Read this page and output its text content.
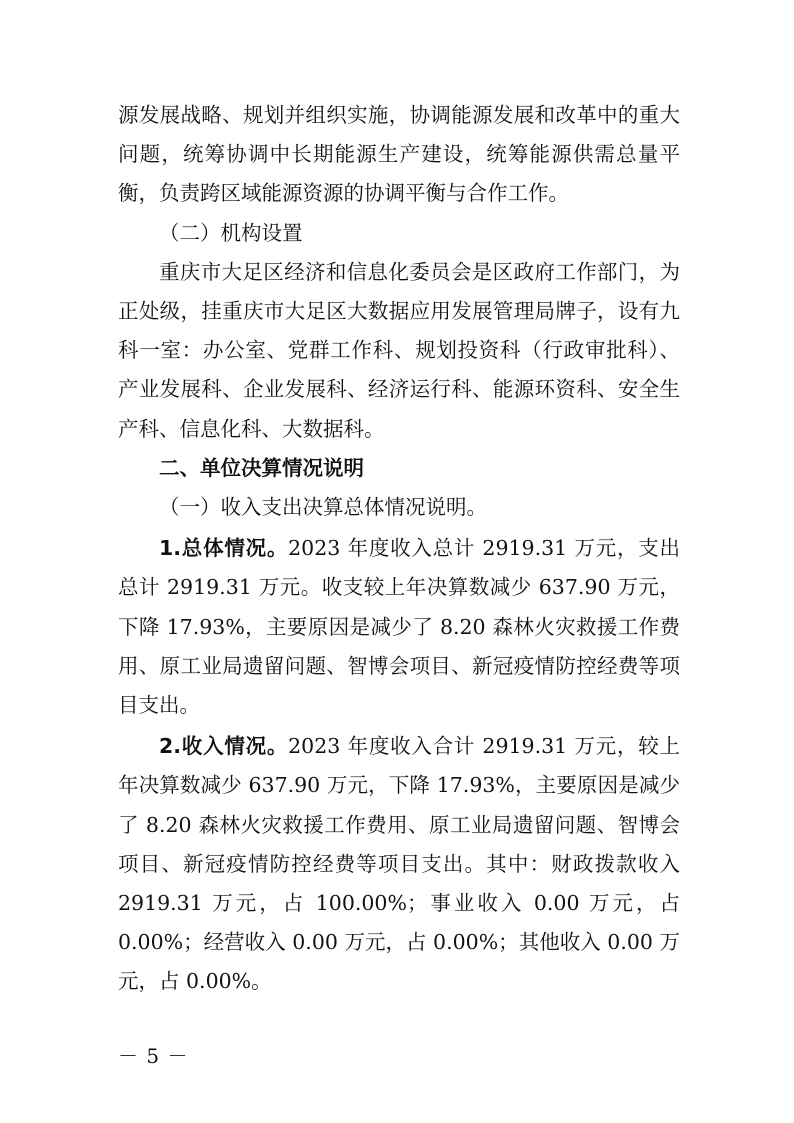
源发展战略、规划并组织实施，协调能源发展和改革中的重大问题，统筹协调中长期能源生产建设，统筹能源供需总量平衡，负责跨区域能源资源的协调平衡与合作工作。

（二）机构设置

重庆市大足区经济和信息化委员会是区政府工作部门，为正处级，挂重庆市大足区大数据应用发展管理局牌子，设有九科一室：办公室、党群工作科、规划投资科（行政审批科）、产业发展科、企业发展科、经济运行科、能源环资科、安全生产科、信息化科、大数据科。

二、单位决算情况说明

（一）收入支出决算总体情况说明。

1.总体情况。2023 年度收入总计 2919.31 万元，支出总计 2919.31 万元。收支较上年决算数减少 637.90 万元，下降 17.93%，主要原因是减少了 8.20 森林火灾救援工作费用、原工业局遗留问题、智博会项目、新冠疫情防控经费等项目支出。

2.收入情况。2023 年度收入合计 2919.31 万元，较上年决算数减少 637.90 万元，下降 17.93%，主要原因是减少了 8.20 森林火灾救援工作费用、原工业局遗留问题、智博会项目、新冠疫情防控经费等项目支出。其中：财政拨款收入 2919.31 万元，占 100.00%；事业收入 0.00 万元，占 0.00%；经营收入 0.00 万元，占 0.00%；其他收入 0.00 万元，占 0.00%。

－ 5 －
